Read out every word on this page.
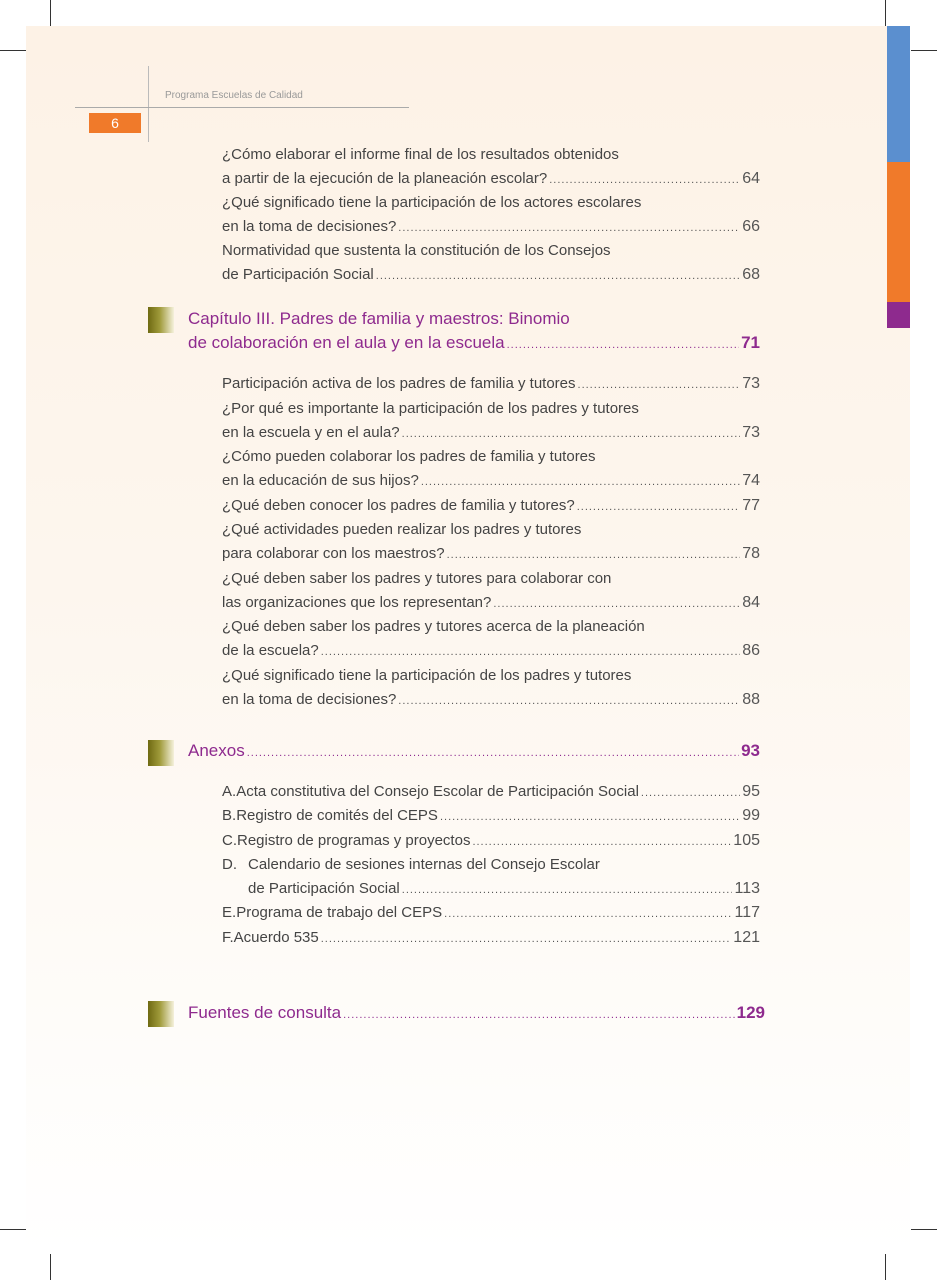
Programa Escuelas de Calidad
6
¿Cómo elaborar el informe final de los resultados obtenidos
a partir de la ejecución de la planeación escolar? .....	64
¿Qué significado tiene la participación de los actores escolares
en la toma de decisiones? .....	66
Normatividad que sustenta la constitución de los Consejos
de Participación Social .....	68
Capítulo III. Padres de familia y maestros: Binomio
de colaboración en el aula y en la escuela .....	71
Participación activa de los padres de familia y tutores .....	73
¿Por qué es importante la participación de los padres y tutores
en la escuela y en el aula? .....	73
¿Cómo pueden colaborar los padres de familia y tutores
en la educación de sus hijos? .....	74
¿Qué deben conocer los padres de familia y tutores? .....	77
¿Qué actividades pueden realizar los padres y tutores
para colaborar con los maestros? .....	78
¿Qué deben saber los padres y tutores para colaborar con
las organizaciones que los representan? .....	84
¿Qué deben saber los padres y tutores acerca de la planeación
de la escuela? .....	86
¿Qué significado tiene la participación de los padres y tutores
en la toma de decisiones? .....	88
Anexos .....	93
A. Acta constitutiva del Consejo Escolar de Participación Social .....	95
B. Registro de comités del CEPS .....	99
C. Registro de programas y proyectos .....	105
D. Calendario de sesiones internas del Consejo Escolar
de Participación Social .....	113
E. Programa de trabajo del CEPS .....	117
F. Acuerdo 535 .....	121
Fuentes de consulta .....	129
